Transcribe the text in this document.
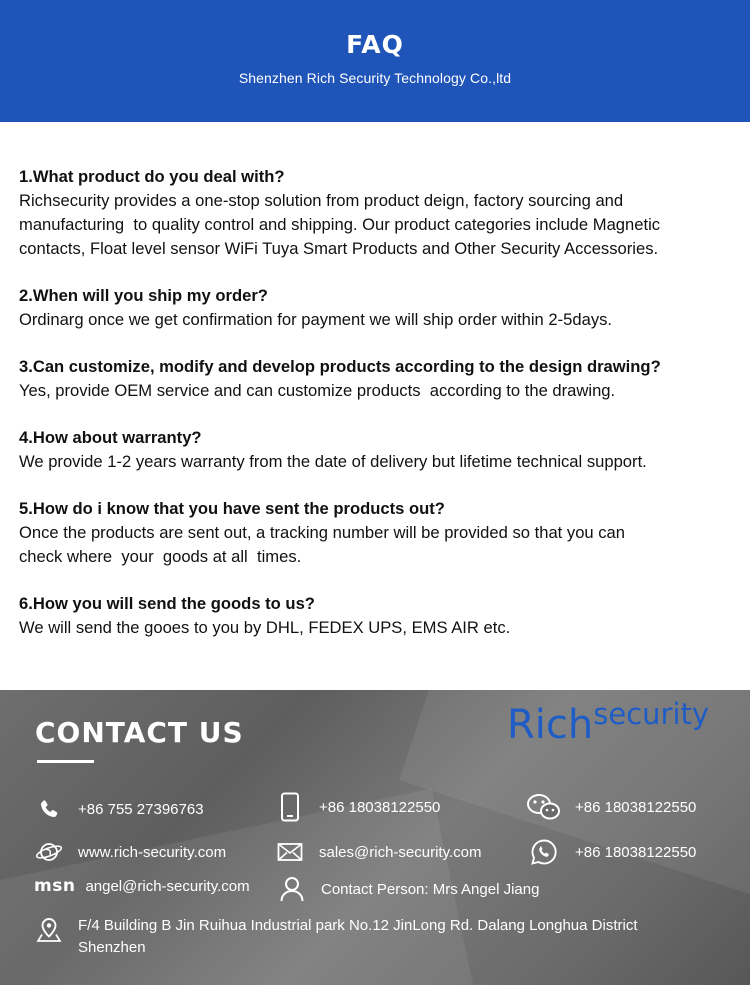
FAQ
Shenzhen Rich Security Technology Co.,ltd
1.What product do you deal with?
Richsecurity provides a one-stop solution from product deign, factory sourcing and
manufacturing  to quality control and shipping. Our product categories include Magnetic
contacts, Float level sensor WiFi Tuya Smart Products and Other Security Accessories.
2.When will you ship my order?
Ordinarg once we get confirmation for payment we will ship order within 2-5days.
3.Can customize, modify and develop products according to the design drawing?
Yes, provide OEM service and can customize products  according to the drawing.
4.How about warranty?
We provide 1-2 years warranty from the date of delivery but lifetime technical support.
5.How do i know that you have sent the products out?
Once the products are sent out, a tracking number will be provided so that you can
check where  your  goods at all  times.
6.How you will send the goods to us?
We will send the gooes to you by DHL, FEDEX UPS, EMS AIR etc.
CONTACT US	Richsecurity
+86 755 27396763	+86 18038122550	+86 18038122550
www.rich-security.com	sales@rich-security.com	+86 18038122550
msn angel@rich-security.com	Contact Person: Mrs Angel Jiang
F/4 Building B Jin Ruihua Industrial park No.12 JinLong Rd. Dalang Longhua District
Shenzhen
